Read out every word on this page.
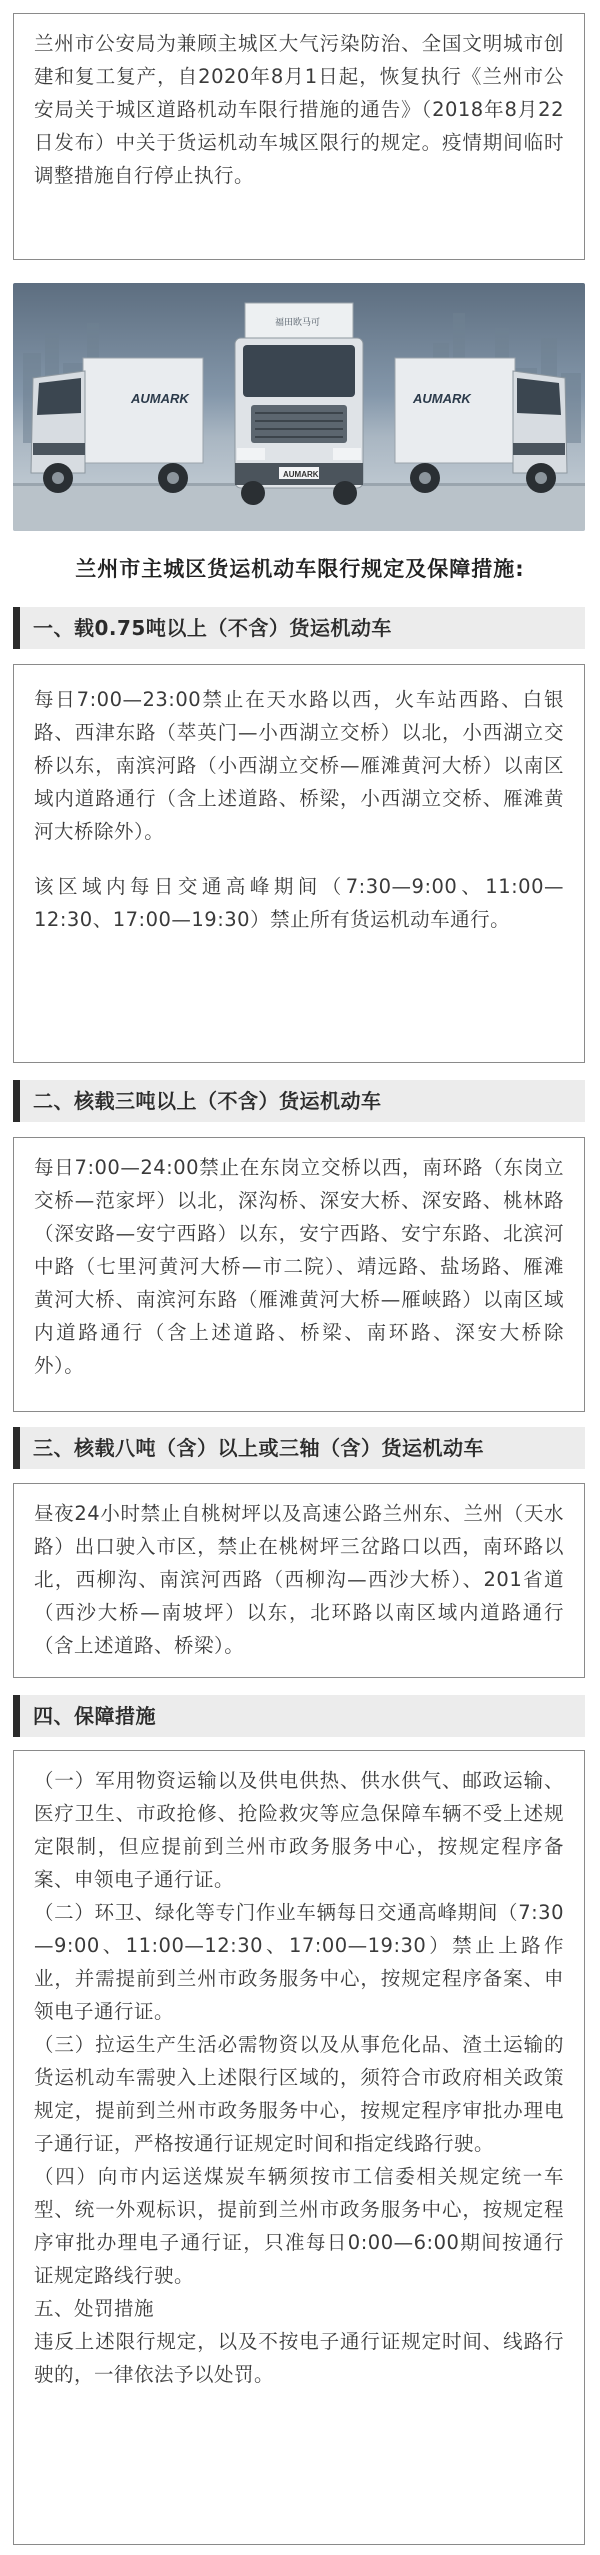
兰州市公安局为兼顾主城区大气污染防治、全国文明城市创建和复工复产，自2020年8月1日起，恢复执行《兰州市公安局关于城区道路机动车限行措施的通告》（2018年8月22日发布）中关于货运机动车城区限行的规定。疫情期间临时调整措施自行停止执行。

AUMARK	AUMARK
AUMARK
福田欧马可
兰州市主城区货运机动车限行规定及保障措施:
一、载0.75吨以上（不含）货运机动车

每日7:00—23:00禁止在天水路以西，火车站西路、白银路、西津东路（萃英门—小西湖立交桥）以北，小西湖立交桥以东，南滨河路（小西湖立交桥—雁滩黄河大桥）以南区域内道路通行（含上述道路、桥梁，小西湖立交桥、雁滩黄河大桥除外）。

该区域内每日交通高峰期间（7:30—9:00、11:00—12:30、17:00—19:30）禁止所有货运机动车通行。

二、核载三吨以上（不含）货运机动车

每日7:00—24:00禁止在东岗立交桥以西，南环路（东岗立交桥—范家坪）以北，深沟桥、深安大桥、深安路、桃林路（深安路—安宁西路）以东，安宁西路、安宁东路、北滨河中路（七里河黄河大桥—市二院）、靖远路、盐场路、雁滩黄河大桥、南滨河东路（雁滩黄河大桥—雁峡路）以南区域内道路通行（含上述道路、桥梁、南环路、深安大桥除外）。

三、核载八吨（含）以上或三轴（含）货运机动车

昼夜24小时禁止自桃树坪以及高速公路兰州东、兰州（天水路）出口驶入市区，禁止在桃树坪三岔路口以西，南环路以北，西柳沟、南滨河西路（西柳沟—西沙大桥）、201省道（西沙大桥—南坡坪）以东，北环路以南区域内道路通行（含上述道路、桥梁）。

四、保障措施

（一）军用物资运输以及供电供热、供水供气、邮政运输、医疗卫生、市政抢修、抢险救灾等应急保障车辆不受上述规定限制，但应提前到兰州市政务服务中心，按规定程序备案、申领电子通行证。

（二）环卫、绿化等专门作业车辆每日交通高峰期间（7:30—9:00、11:00—12:30、17:00—19:30）禁止上路作业，并需提前到兰州市政务服务中心，按规定程序备案、申领电子通行证。

（三）拉运生产生活必需物资以及从事危化品、渣土运输的货运机动车需驶入上述限行区域的，须符合市政府相关政策规定，提前到兰州市政务服务中心，按规定程序审批办理电子通行证，严格按通行证规定时间和指定线路行驶。

（四）向市内运送煤炭车辆须按市工信委相关规定统一车型、统一外观标识，提前到兰州市政务服务中心，按规定程序审批办理电子通行证，只准每日0:00—6:00期间按通行证规定路线行驶。

五、处罚措施

违反上述限行规定，以及不按电子通行证规定时间、线路行驶的，一律依法予以处罚。
